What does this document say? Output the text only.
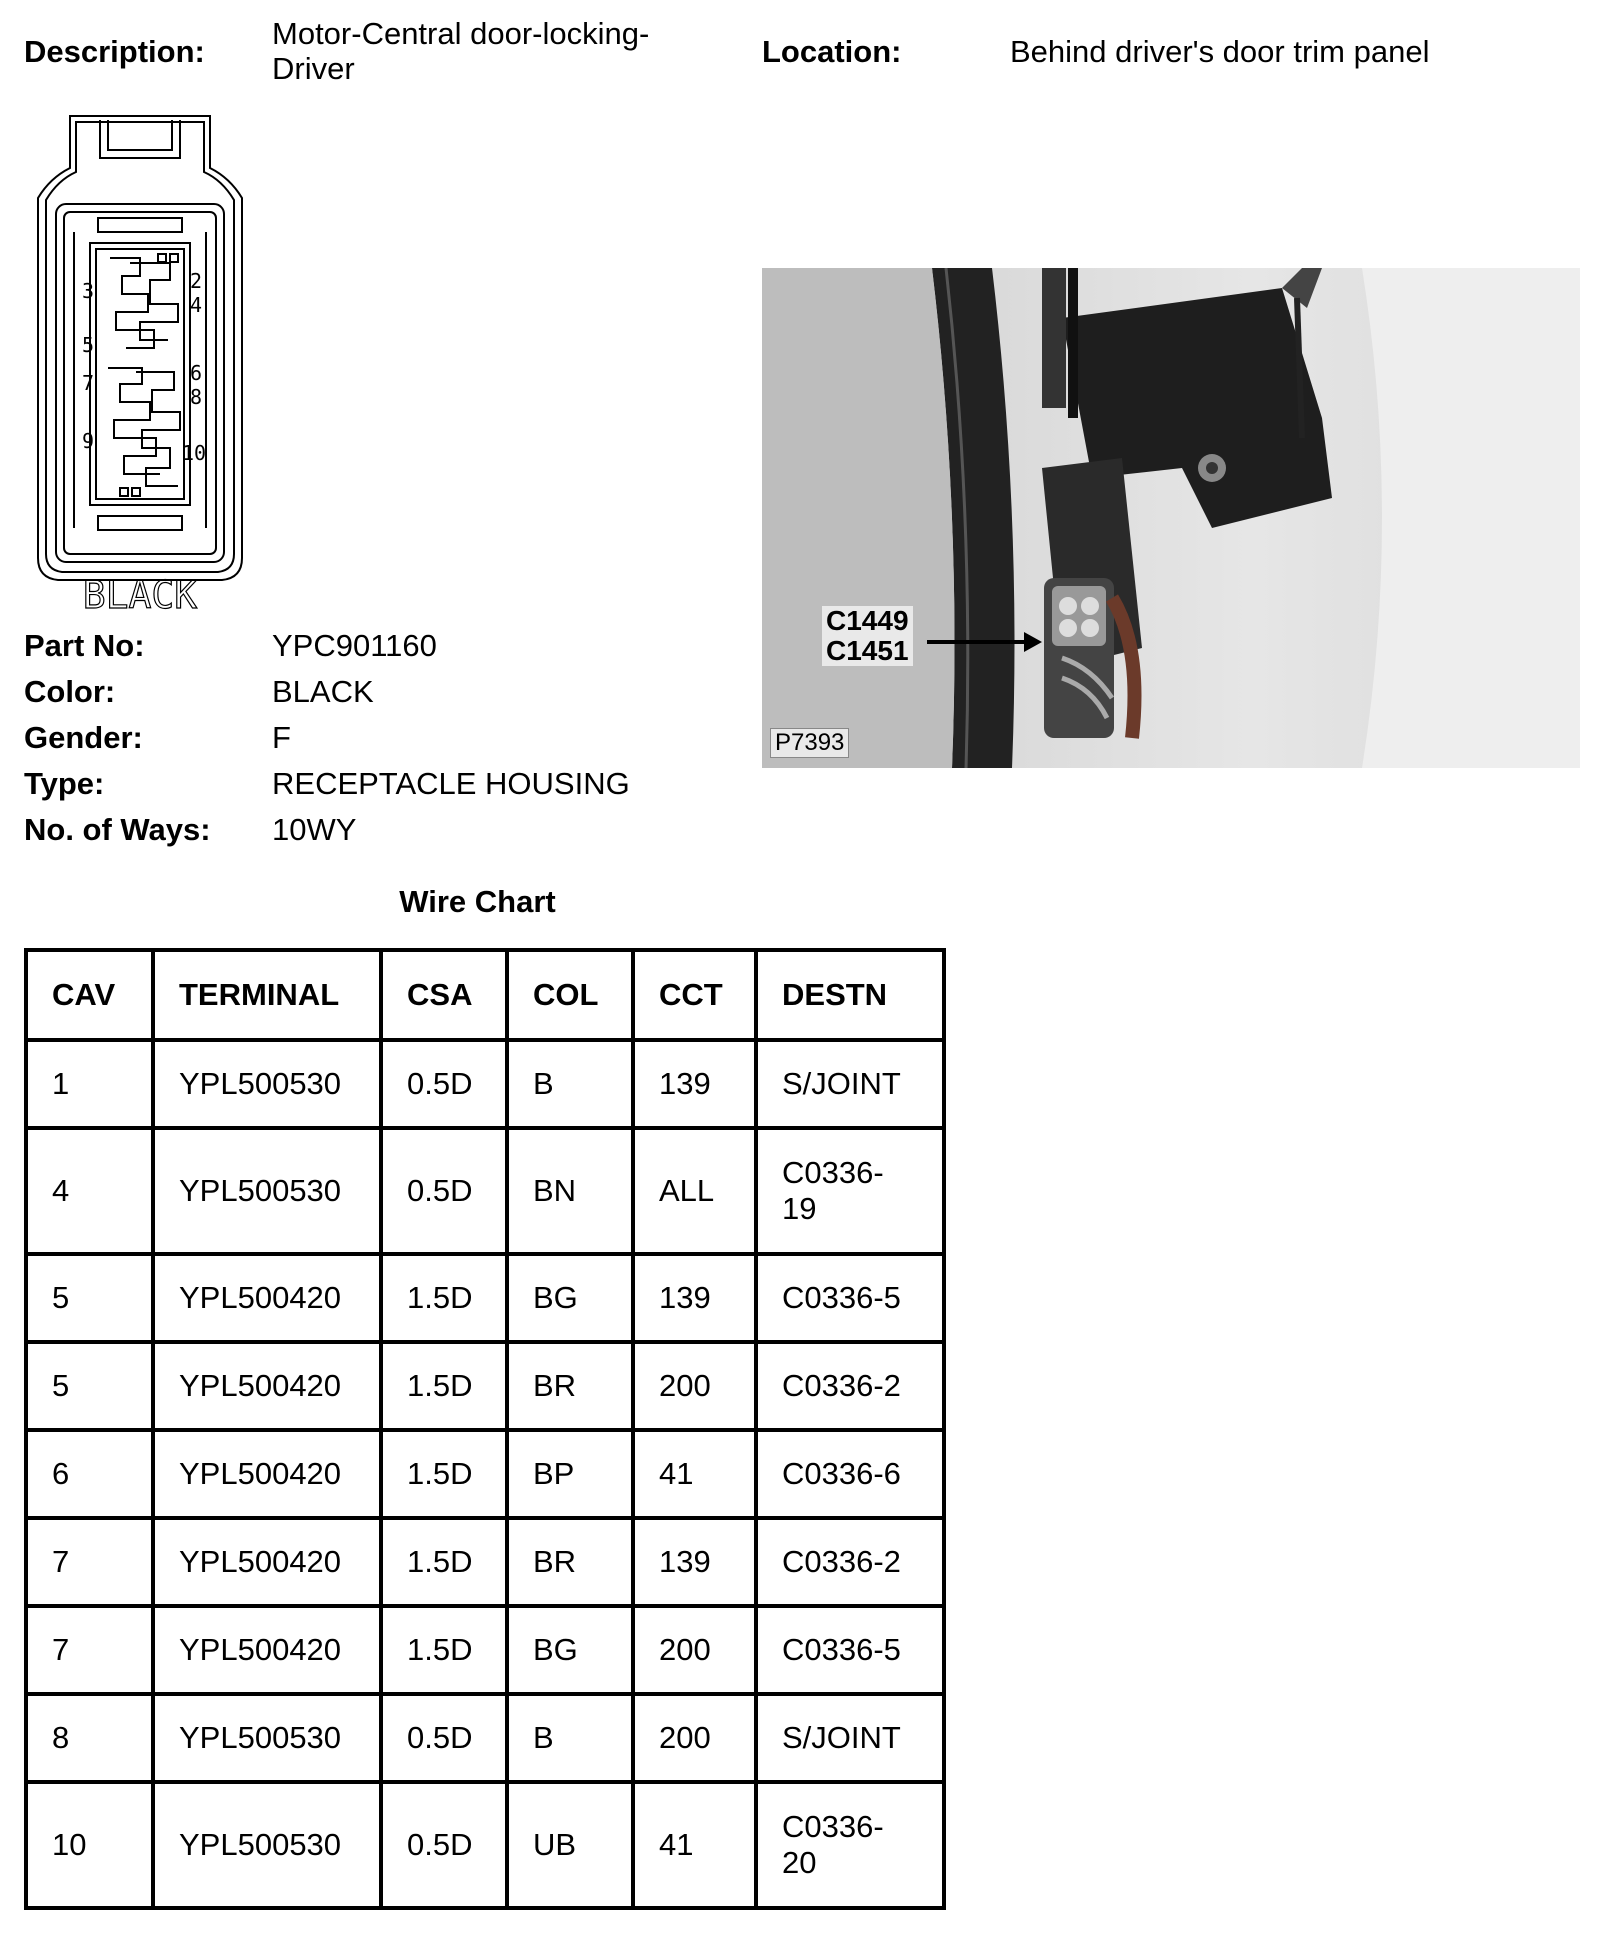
Description:
Motor-Central door-locking-Driver	Location:	Behind driver's door trim panel
2
3
4
5
6
7
8
9	10
BLACK
C1449
C1451
P7393
Part No:	YPC901160
Color:	BLACK
Gender:	F
Type:	RECEPTACLE HOUSING
No. of Ways: 10WY
Wire Chart
CAV	TERMINAL	CSA	COL	CCT	DESTN
1	YPL500530	0.5D	B	139	S/JOINT
4	YPL500530	0.5D	BN	ALL	C0336-19
5	YPL500420	1.5D	BG	139	C0336-5
5	YPL500420	1.5D	BR	200	C0336-2
6	YPL500420	1.5D	BP	41	C0336-6
7	YPL500420	1.5D	BR	139	C0336-2
7	YPL500420	1.5D	BG	200	C0336-5
8	YPL500530	0.5D	B	200	S/JOINT
10	YPL500530	0.5D	UB	41	C0336-20
